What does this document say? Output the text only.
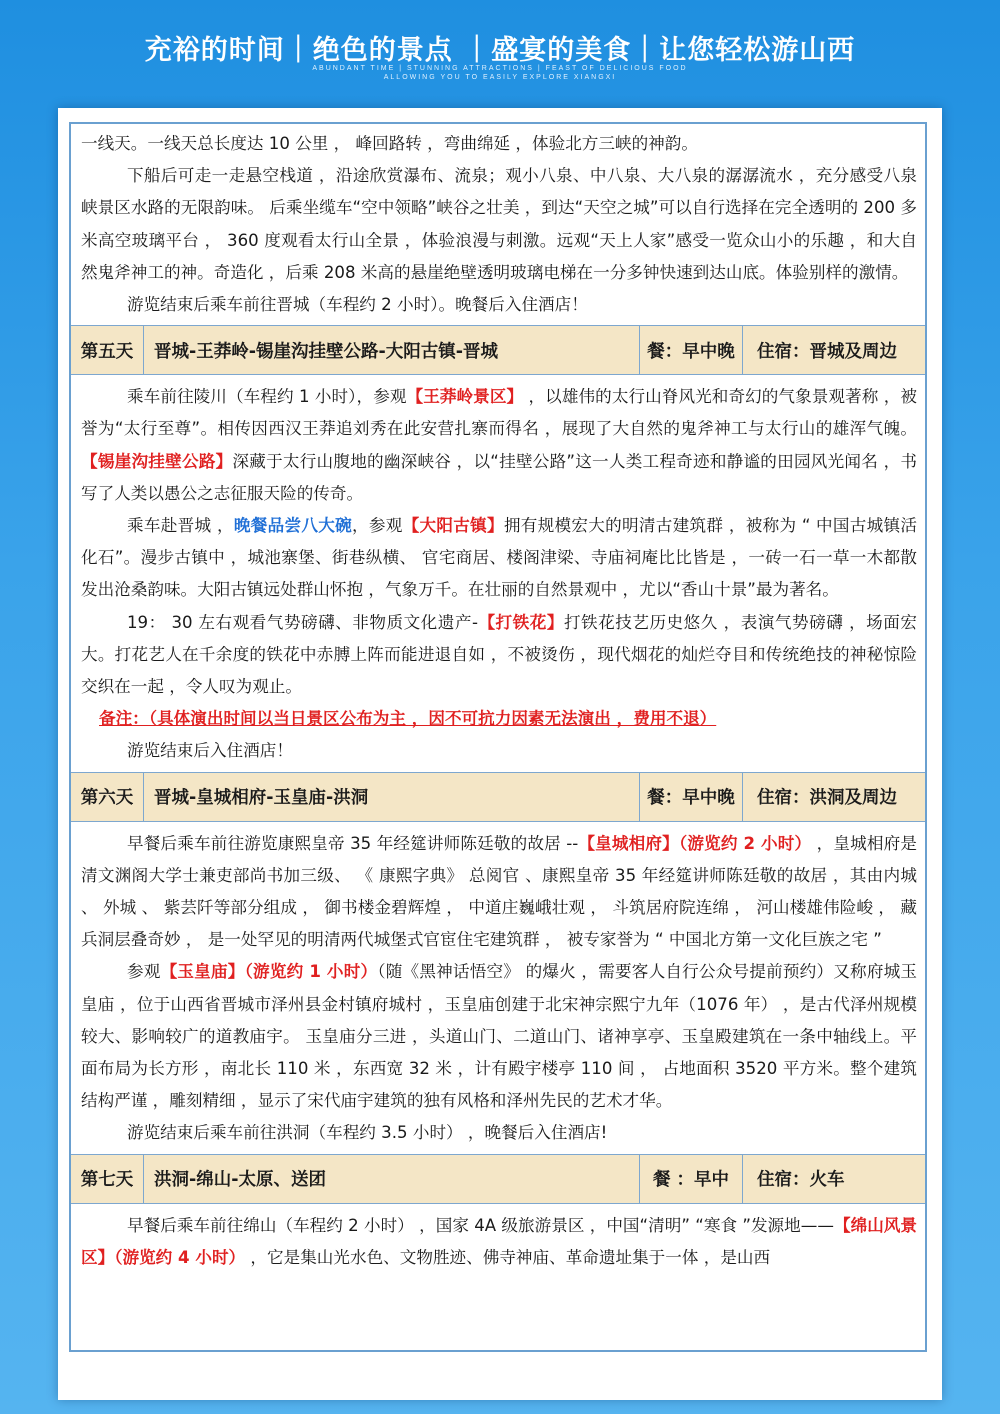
充裕的时间｜绝色的景点 ｜盛宴的美食｜让您轻松游山西
ABUNDANT TIME | STUNNING ATTRACTIONS | FEAST OF DELICIOUS FOOD
ALLOWING YOU TO EASILY EXPLORE XIANGXI

一线天。一线天总长度达 10 公里 ， 峰回路转 ，弯曲绵延 ，体验北方三峡的神韵。

下船后可走一走悬空栈道 ，沿途欣赏瀑布、流泉；观小八泉、中八泉、大八泉的潺潺流水 ，充分感受八泉峡景区水路的无限韵味。 后乘坐缆车“空中领略”峡谷之壮美 ，到达“天空之城”可以自行选择在完全透明的 200 多米高空玻璃平台 ， 360 度观看太行山全景 ，体验浪漫与刺激。远观“天上人家”感受一览众山小的乐趣 ，和大自然鬼斧神工的神。奇造化 ，后乘 208 米高的悬崖绝壁透明玻璃电梯在一分多钟快速到达山底。体验别样的激情。

游览结束后乘车前往晋城（车程约 2 小时）。晚餐后入住酒店！

第五天	晋城-王莽岭-锡崖沟挂壁公路-大阳古镇-晋城	餐：早中晚	住宿：晋城及周边

乘车前往陵川（车程约 1 小时），参观【王莽岭景区】 ，以雄伟的太行山脊风光和奇幻的气象景观著称 ，被誉为“太行至尊”。相传因西汉王莽追刘秀在此安营扎寨而得名 ，展现了大自然的鬼斧神工与太行山的雄浑气魄。 【锡崖沟挂壁公路】深藏于太行山腹地的幽深峡谷 ，以“挂壁公路”这一人类工程奇迹和静谧的田园风光闻名 ，书写了人类以愚公之志征服天险的传奇。

乘车赴晋城 ，晚餐品尝八大碗，参观【大阳古镇】拥有规模宏大的明清古建筑群 ，被称为 “ 中国古城镇活化石”。漫步古镇中 ，城池寨堡、街巷纵横、 官宅商居、楼阁津梁、寺庙祠庵比比皆是 ，一砖一石一草一木都散发出沧桑韵味。大阳古镇远处群山怀抱 ，气象万千。在壮丽的自然景观中 ，尤以“香山十景”最为著名。

19： 30 左右观看气势磅礴、非物质文化遗产-【打铁花】打铁花技艺历史悠久 ，表演气势磅礴 ，场面宏大。打花艺人在千余度的铁花中赤膊上阵而能进退自如 ，不被烫伤 ，现代烟花的灿烂夺目和传统绝技的神秘惊险交织在一起 ，令人叹为观止。

备注：（具体演出时间以当日景区公布为主 ，因不可抗力因素无法演出 ，费用不退）

游览结束后入住酒店！

第六天	晋城-皇城相府-玉皇庙-洪洞	餐：早中晚	住宿：洪洞及周边

早餐后乘车前往游览康熙皇帝 35 年经筵讲师陈廷敬的故居 --【皇城相府】（游览约 2 小时） ，皇城相府是清文渊阁大学士兼吏部尚书加三级、 《 康熙字典》 总阅官 、康熙皇帝 35 年经筵讲师陈廷敬的故居 ，其由内城 、 外城 、 紫芸阡等部分组成 ， 御书楼金碧辉煌 ， 中道庄巍峨壮观 ， 斗筑居府院连绵 ， 河山楼雄伟险峻 ， 藏兵洞层叠奇妙 ， 是一处罕见的明清两代城堡式官宦住宅建筑群 ， 被专家誉为 “ 中国北方第一文化巨族之宅 ”

参观【玉皇庙】（游览约 1 小时）（随《黑神话悟空》 的爆火 ，需要客人自行公众号提前预约）又称府城玉皇庙 ，位于山西省晋城市泽州县金村镇府城村 ，玉皇庙创建于北宋神宗熙宁九年（1076 年） ，是古代泽州规模较大、影响较广的道教庙宇。 玉皇庙分三进 ，头道山门、二道山门、诸神享亭、玉皇殿建筑在一条中轴线上。平面布局为长方形 ，南北长 110 米 ，东西宽 32 米 ，计有殿宇楼亭 110 间 ， 占地面积 3520 平方米。整个建筑结构严谨 ，雕刻精细 ，显示了宋代庙宇建筑的独有风格和泽州先民的艺术才华。

游览结束后乘车前往洪洞（车程约 3.5 小时） ，晚餐后入住酒店!

第七天	洪洞-绵山-太原、送团	餐 ：早中	住宿：火车

早餐后乘车前往绵山（车程约 2 小时） ，国家 4A 级旅游景区 ，中国“清明” “寒食 ”发源地——【绵山风景区】（游览约 4 小时） ，它是集山光水色、文物胜迹、佛寺神庙、革命遗址集于一体 ，是山西
